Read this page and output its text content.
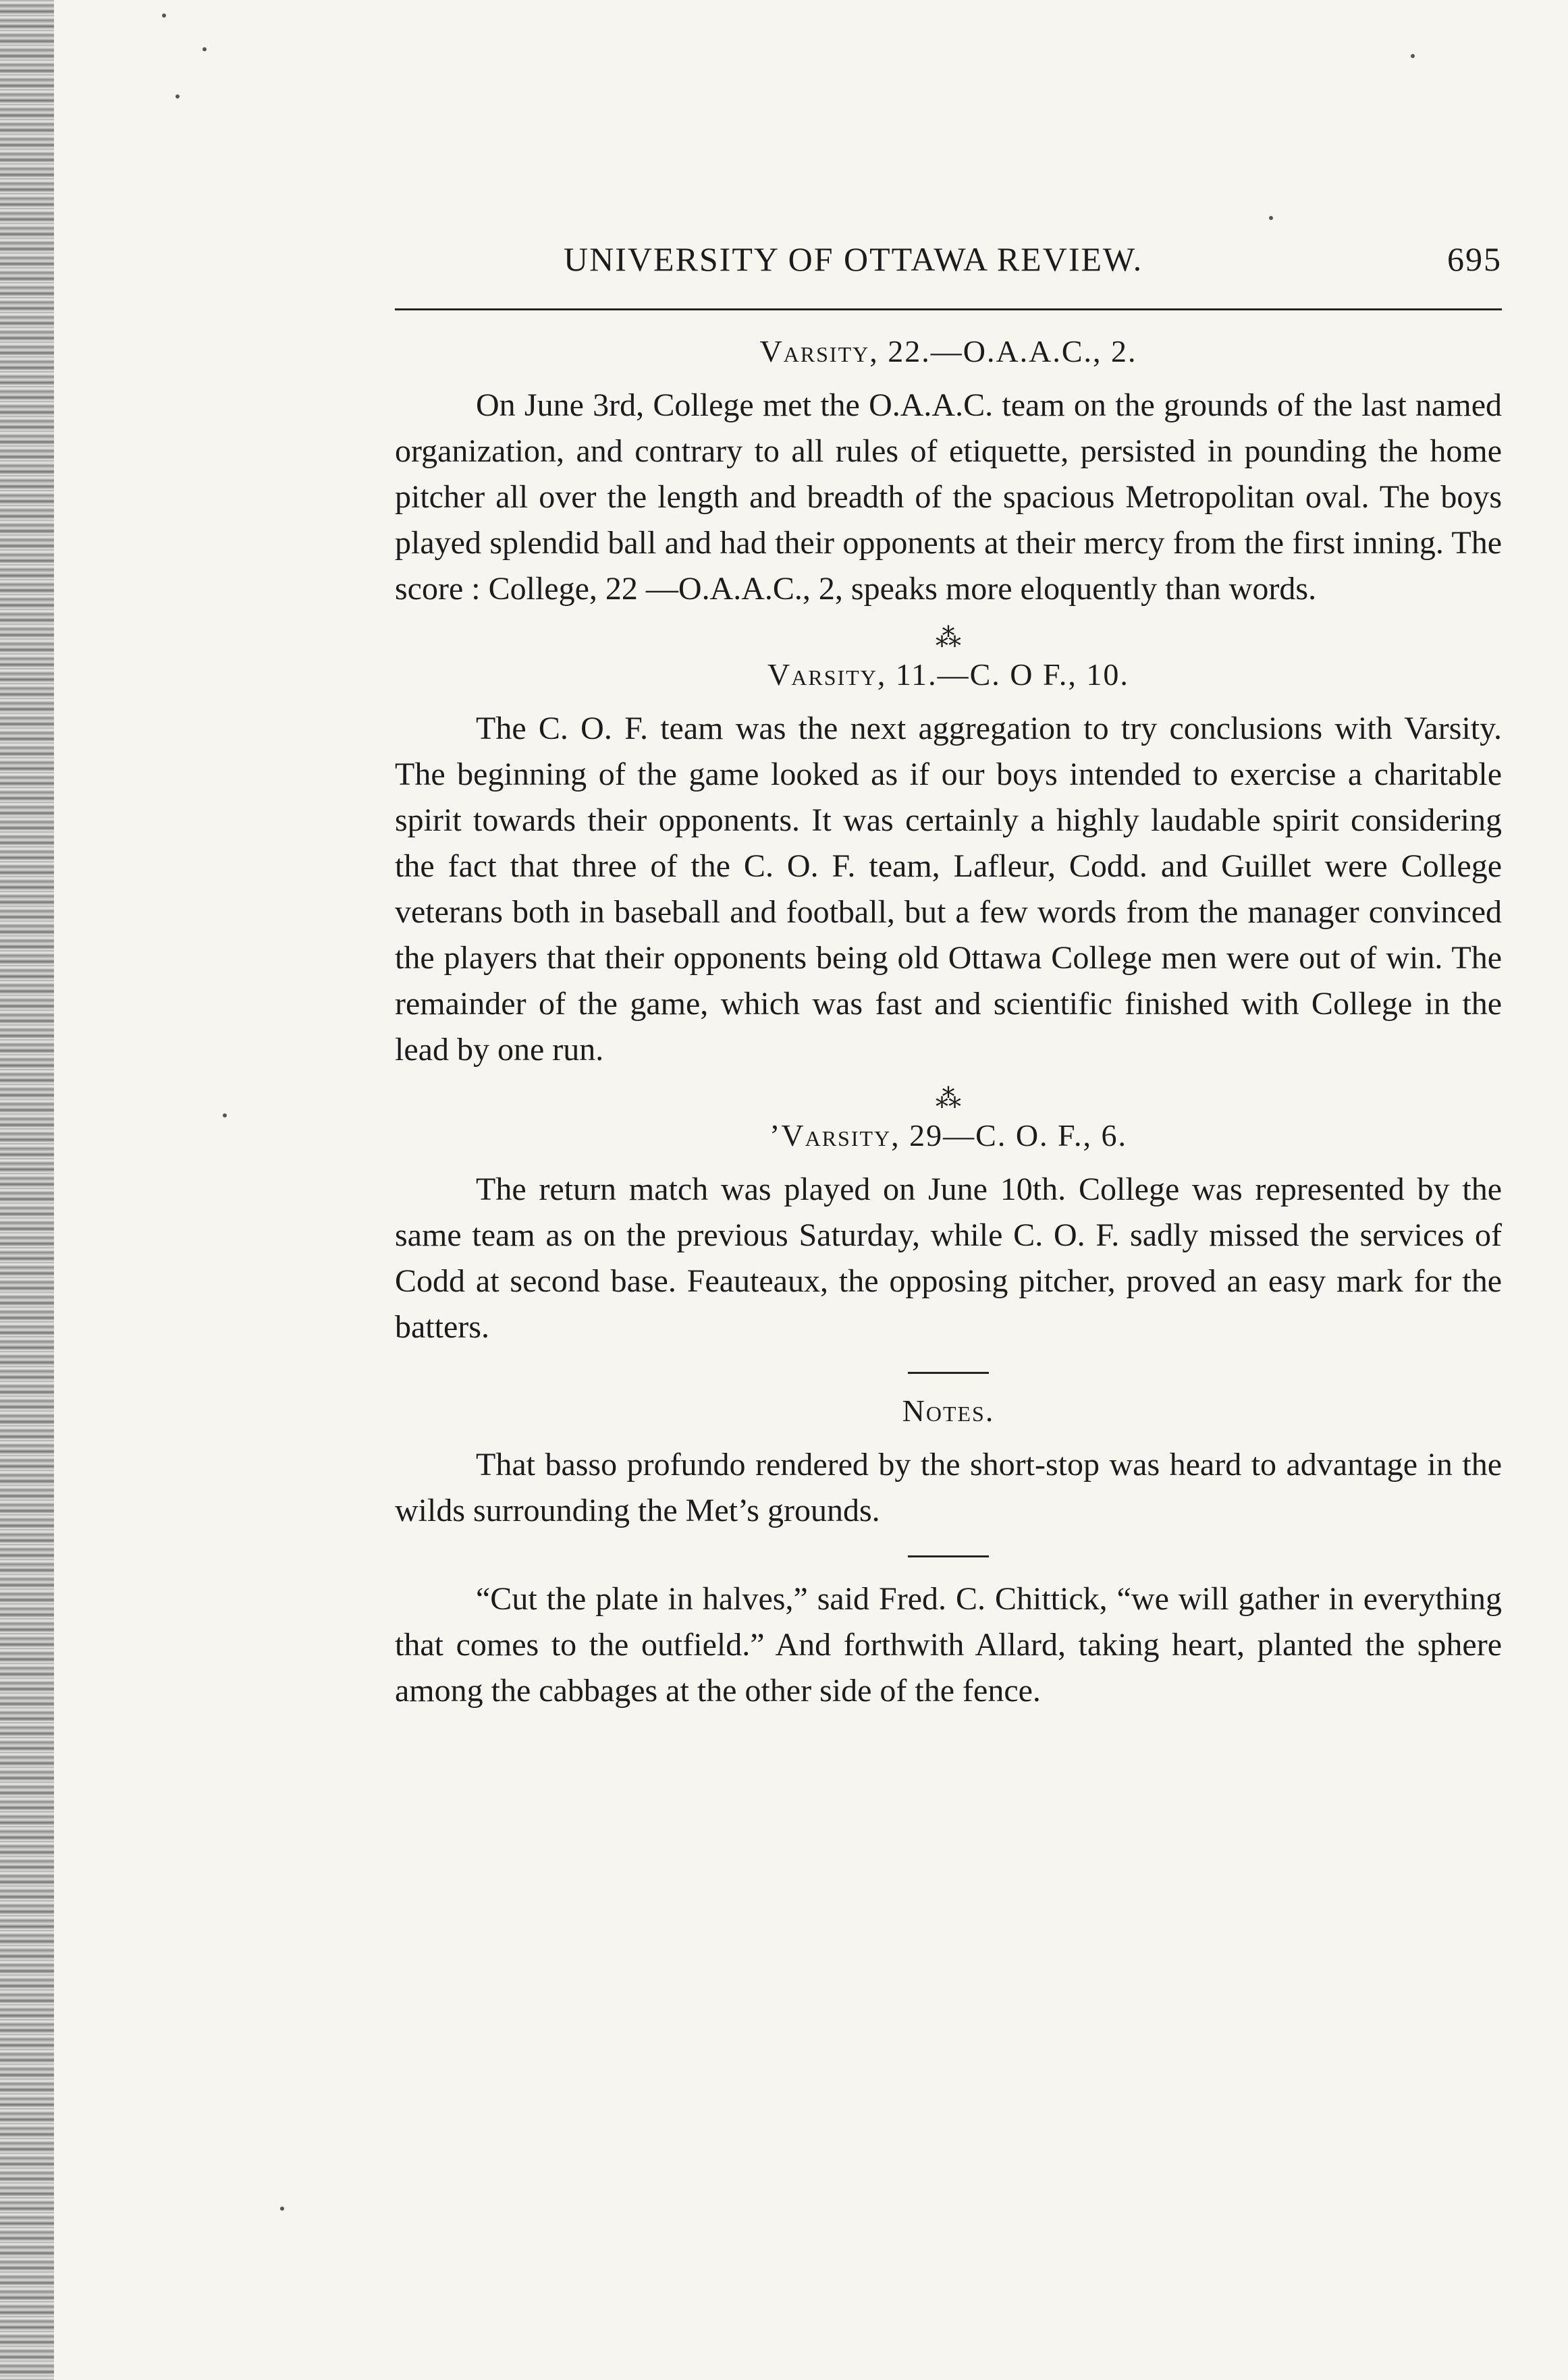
UNIVERSITY OF OTTAWA REVIEW.	695
Varsity, 22.—O.A.A.C., 2.

On June 3rd, College met the O.A.A.C. team on the grounds of the last named organization, and contrary to all rules of etiquette, persisted in pounding the home pitcher all over the length and breadth of the spacious Metropolitan oval. The boys played splendid ball and had their opponents at their mercy from the first inning. The score : College, 22 —O.A.A.C., 2, speaks more eloquently than words.

⁂
Varsity, 11.—C. O F., 10.

The C. O. F. team was the next aggregation to try conclusions with Varsity. The beginning of the game looked as if our boys intended to exercise a charitable spirit towards their opponents. It was certainly a highly laudable spirit considering the fact that three of the C. O. F. team, Lafleur, Codd. and Guillet were College veterans both in baseball and football, but a few words from the manager convinced the players that their opponents being old Ottawa College men were out of win. The remainder of the game, which was fast and scientific finished with College in the lead by one run.

⁂
’Varsity, 29—C. O. F., 6.

The return match was played on June 10th. College was represented by the same team as on the previous Saturday, while C. O. F. sadly missed the services of Codd at second base. Feauteaux, the opposing pitcher, proved an easy mark for the batters.

Notes.

That basso profundo rendered by the short-stop was heard to advantage in the wilds surrounding the Met’s grounds.

“Cut the plate in halves,” said Fred. C. Chittick, “we will gather in everything that comes to the outfield.” And forthwith Allard, taking heart, planted the sphere among the cabbages at the other side of the fence.
